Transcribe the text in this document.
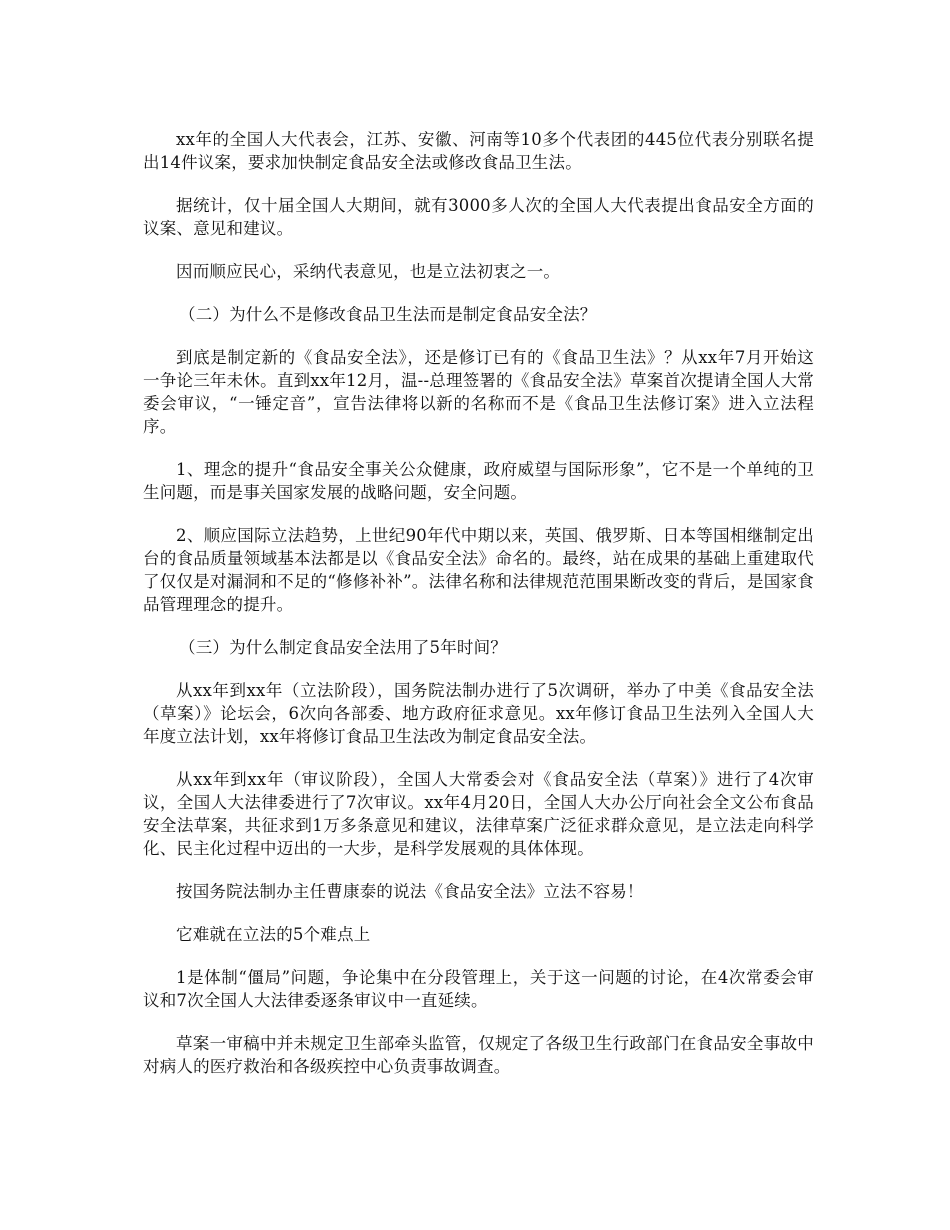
xx年的全国人大代表会，江苏、安徽、河南等10多个代表团的445位代表分别联名提出14件议案，要求加快制定食品安全法或修改食品卫生法。

据统计，仅十届全国人大期间，就有3000多人次的全国人大代表提出食品安全方面的议案、意见和建议。

因而顺应民心，采纳代表意见，也是立法初衷之一。

（二）为什么不是修改食品卫生法而是制定食品安全法？

到底是制定新的《食品安全法》，还是修订已有的《食品卫生法》？从xx年7月开始这一争论三年未休。直到xx年12月，温--总理签署的《食品安全法》草案首次提请全国人大常委会审议，“一锤定音”，宣告法律将以新的名称而不是《食品卫生法修订案》进入立法程序。

1、理念的提升“食品安全事关公众健康，政府威望与国际形象”，它不是一个单纯的卫生问题，而是事关国家发展的战略问题，安全问题。

2、顺应国际立法趋势，上世纪90年代中期以来，英国、俄罗斯、日本等国相继制定出台的食品质量领域基本法都是以《食品安全法》命名的。最终，站在成果的基础上重建取代了仅仅是对漏洞和不足的“修修补补”。法律名称和法律规范范围果断改变的背后，是国家食品管理理念的提升。

（三）为什么制定食品安全法用了5年时间？

从xx年到xx年（立法阶段），国务院法制办进行了5次调研，举办了中美《食品安全法（草案）》论坛会，6次向各部委、地方政府征求意见。xx年修订食品卫生法列入全国人大年度立法计划，xx年将修订食品卫生法改为制定食品安全法。

从xx年到xx年（审议阶段），全国人大常委会对《食品安全法（草案）》进行了4次审议，全国人大法律委进行了7次审议。xx年4月20日，全国人大办公厅向社会全文公布食品安全法草案，共征求到1万多条意见和建议，法律草案广泛征求群众意见，是立法走向科学化、民主化过程中迈出的一大步，是科学发展观的具体体现。

按国务院法制办主任曹康泰的说法《食品安全法》立法不容易！

它难就在立法的5个难点上

1是体制“僵局”问题，争论集中在分段管理上，关于这一问题的讨论，在4次常委会审议和7次全国人大法律委逐条审议中一直延续。

草案一审稿中并未规定卫生部牵头监管，仅规定了各级卫生行政部门在食品安全事故中对病人的医疗救治和各级疾控中心负责事故调查。
